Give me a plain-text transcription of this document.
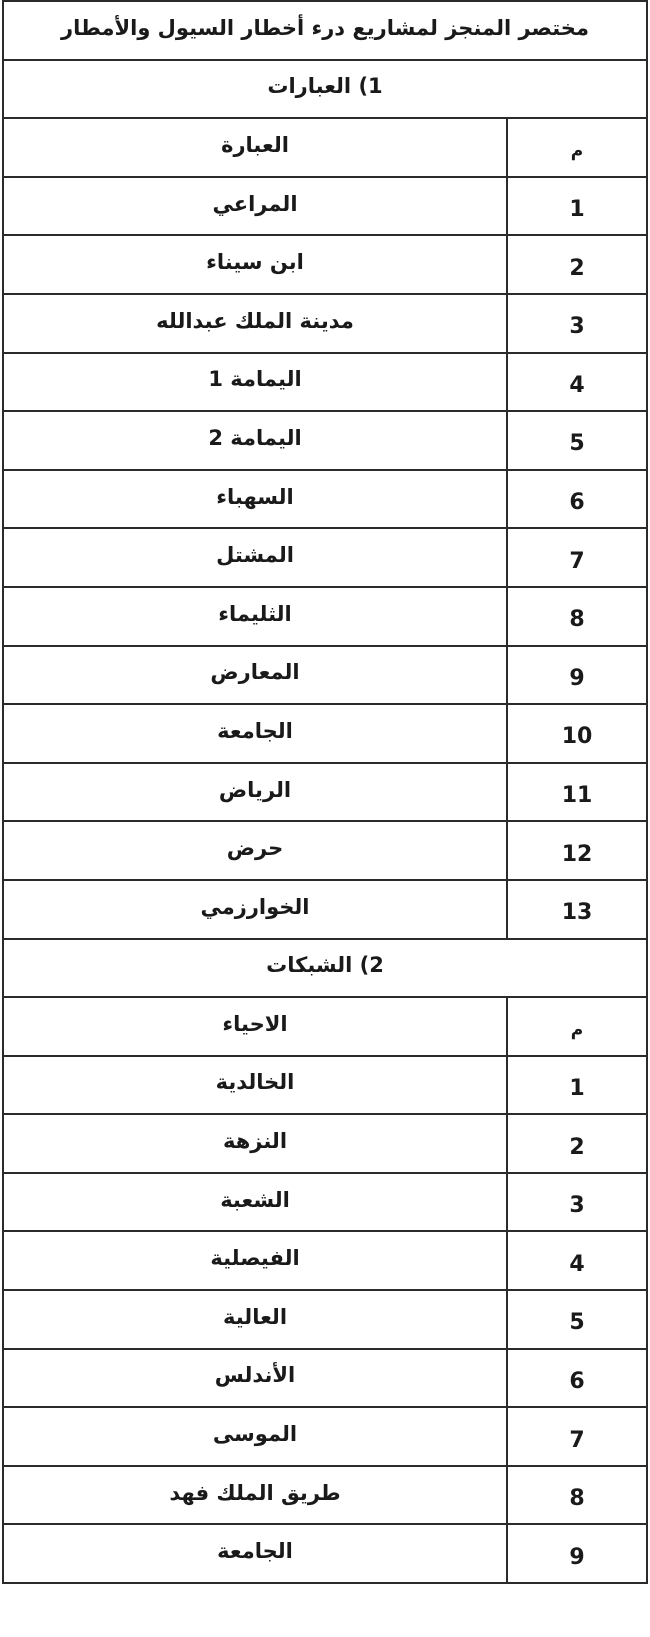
مختصر المنجز لمشاريع درء أخطار السيول والأمطار
1) العبارات
م
العبارة
1
المراعي
2
ابن سيناء
3
مدينة الملك عبدالله
4
اليمامة 1
5
اليمامة 2
6
السهباء
7
المشتل
8
الثليماء
9
المعارض
10
الجامعة
11
الرياض
12
حرض
13
الخوارزمي
2) الشبكات
م
الاحياء
1
الخالدية
2
النزهة
3
الشعبة
4
الفيصلية
5
العالية
6
الأندلس
7
الموسى
8
طريق الملك فهد
9
الجامعة
